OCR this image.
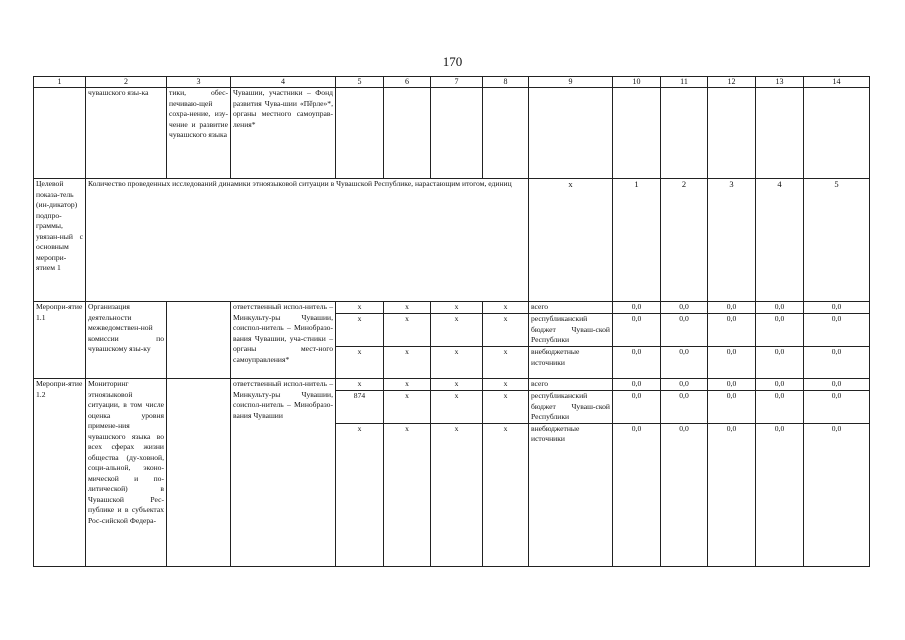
170
1	2	3	4	5	6	7	8	9	10	11	12	13	14
	чувашского язы-ка	тики, обес-печиваю-щей сохра-нение, изу-чение и развитие чувашского языка	Чувашии, участники – Фонд развития Чува-шии «Пӗрле»*, органы местного самоуправ-ления*										
Целевой показа-тель (ин-дикатор) подпро-граммы, увязан-ный с основным меропри-ятием 1	Количество проведенных исследований динамики этноязыковой ситуации в Чувашской Республике, нарастающим итогом, единиц							x	1	2	3	4	5
Меропри-ятие 1.1	Организация деятельности межведомствен-ной комиссии по чувашскому язы-ку		ответственный испол-нитель – Минкульту-ры Чувашии, соиспол-нитель – Минобразо-вания Чувашии, уча-стники – органы мест-ного самоуправления*	x	x	x	x	всего	0,0	0,0	0,0	0,0	0,0
				x	x	x	x	республиканский бюджет Чуваш-ской Республики	0,0	0,0	0,0	0,0	0,0
				x	x	x	x	внебюджетные источники	0,0	0,0	0,0	0,0	0,0
Меропри-ятие 1.2	Мониторинг этноязыковой ситуации, в том числе оценка уровня примене-ния чувашского языка во всех сферах жизни общества (ду-ховной, соци-альной, эконо-мической и по-литической) в Чувашской Рес-публике и в субъектах Рос-сийской Федера-		ответственный испол-нитель – Минкульту-ры Чувашии, соиспол-нитель – Минобразо-вания Чувашии	x	x	x	x	всего	0,0	0,0	0,0	0,0	0,0
				874	x	x	x	республиканский бюджет Чуваш-ской Республики	0,0	0,0	0,0	0,0	0,0
				x	x	x	x	внебюджетные источники	0,0	0,0	0,0	0,0	0,0
